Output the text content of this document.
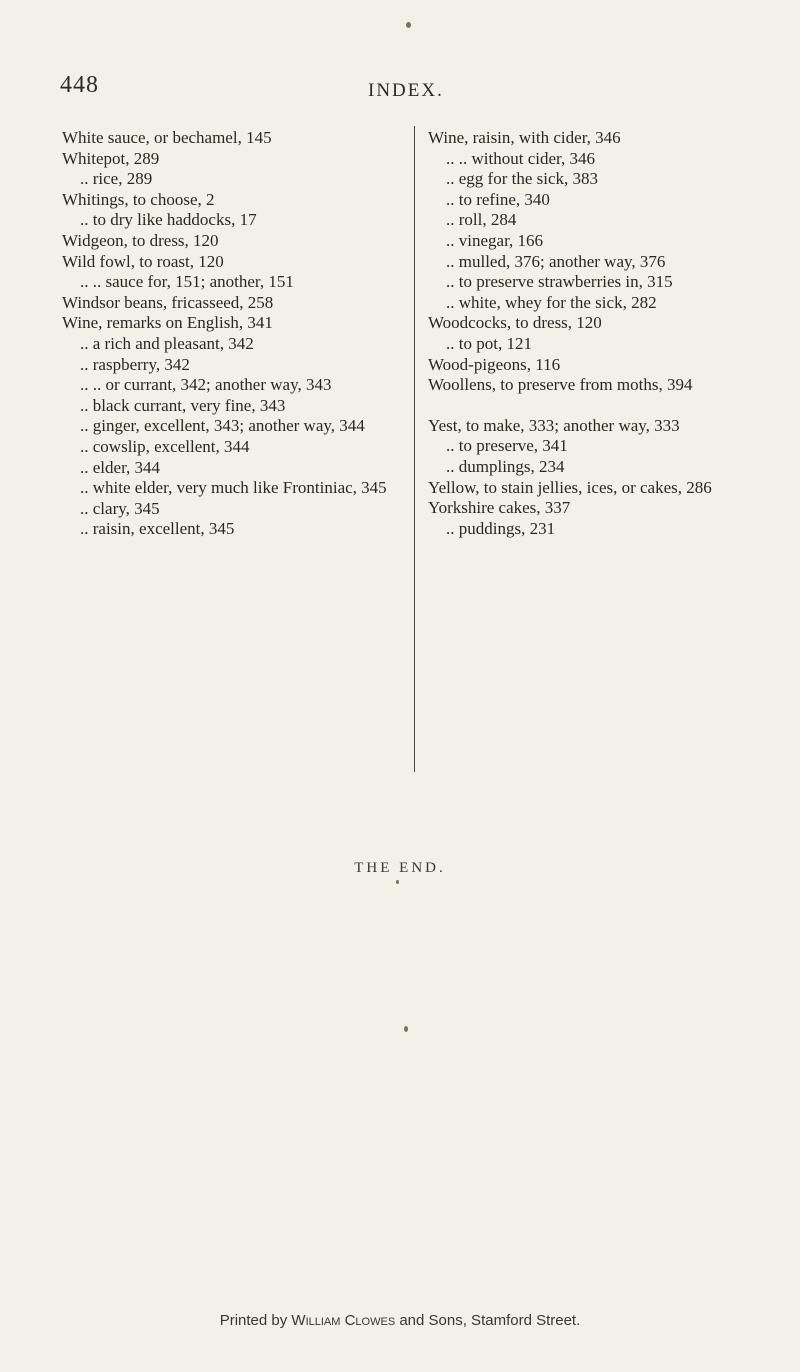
448	INDEX.
White sauce, or bechamel, 145
Whitepot, 289
.. rice, 289
Whitings, to choose, 2
.. to dry like haddocks, 17
Widgeon, to dress, 120
Wild fowl, to roast, 120
.. .. sauce for, 151; another, 151
Windsor beans, fricasseed, 258
Wine, remarks on English, 341
.. a rich and pleasant, 342
.. raspberry, 342
.. .. or currant, 342; another way, 343
.. black currant, very fine, 343
.. ginger, excellent, 343; another way, 344
.. cowslip, excellent, 344
.. elder, 344
.. white elder, very much like Frontiniac, 345
.. clary, 345
.. raisin, excellent, 345
Wine, raisin, with cider, 346
.. .. without cider, 346
.. egg for the sick, 383
.. to refine, 340
.. roll, 284
.. vinegar, 166
.. mulled, 376; another way, 376
.. to preserve strawberries in, 315
.. white, whey for the sick, 282
Woodcocks, to dress, 120
.. to pot, 121
Wood-pigeons, 116
Woollens, to preserve from moths, 394
Yest, to make, 333; another way, 333
.. to preserve, 341
.. dumplings, 234
Yellow, to stain jellies, ices, or cakes, 286
Yorkshire cakes, 337
.. puddings, 231
THE END.
Printed by William Clowes and Sons, Stamford Street.
